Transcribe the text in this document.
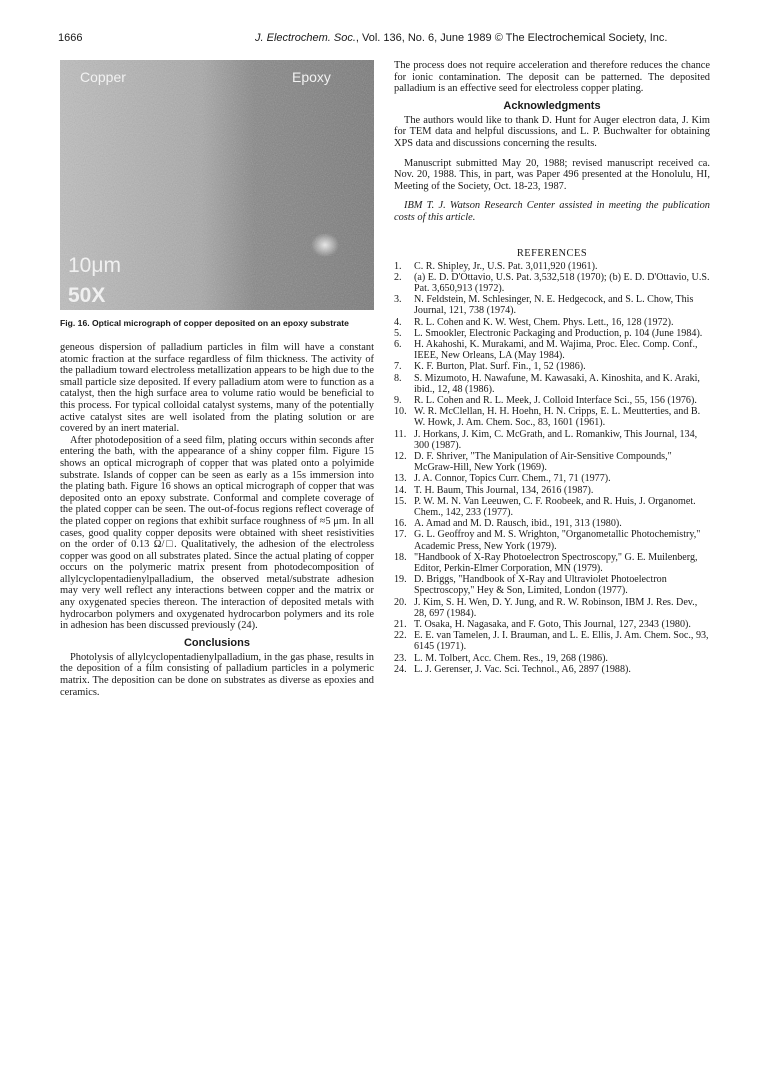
1666	J. Electrochem. Soc., Vol. 136, No. 6, June 1989 © The Electrochemical Society, Inc.
Copper	Epoxy
10μm
50X
Fig. 16. Optical micrograph of copper deposited on an epoxy substrate

geneous dispersion of palladium particles in film will have a constant atomic fraction at the surface regardless of film thickness. The activity of the palladium toward electroless metallization appears to be high due to the small particle size deposited. If every palladium atom were to function as a catalyst, then the high surface area to volume ratio would be beneficial to this process. For typical colloidal catalyst systems, many of the potentially active catalyst sites are well isolated from the plating solution or are covered by an inert material.

After photodeposition of a seed film, plating occurs within seconds after entering the bath, with the appearance of a shiny copper film. Figure 15 shows an optical micrograph of copper that was plated onto a polyimide substrate. Islands of copper can be seen as early as a 15s immersion into the plating bath. Figure 16 shows an optical micrograph of copper that was deposited onto an epoxy substrate. Conformal and complete coverage of the plated copper can be seen. The out-of-focus regions reflect coverage of the plated copper on regions that exhibit surface roughness of ≈5 μm. In all cases, good quality copper deposits were obtained with sheet resistivities on the order of 0.13 Ω/□. Qualitatively, the adhesion of the electroless copper was good on all substrates plated. Since the actual plating of copper occurs on the polymeric matrix present from photodecomposition of allylcyclopentadienylpalladium, the observed metal/substrate adhesion may very well reflect any interactions between copper and the matrix or any oxygenated species thereon. The interaction of deposited metals with hydrocarbon polymers and oxygenated hydrocarbon polymers and its role in adhesion has been discussed previously (24).

Conclusions

Photolysis of allylcyclopentadienylpalladium, in the gas phase, results in the deposition of a film consisting of palladium particles in a polymeric matrix. The deposition can be done on substrates as diverse as epoxies and ceramics.

The process does not require acceleration and therefore reduces the chance for ionic contamination. The deposit can be patterned. The deposited palladium is an effective seed for electroless copper plating.

Acknowledgments

The authors would like to thank D. Hunt for Auger electron data, J. Kim for TEM data and helpful discussions, and L. P. Buchwalter for obtaining XPS data and discussions concerning the results.

Manuscript submitted May 20, 1988; revised manuscript received ca. Nov. 20, 1988. This, in part, was Paper 496 presented at the Honolulu, HI, Meeting of the Society, Oct. 18-23, 1987.

IBM T. J. Watson Research Center assisted in meeting the publication costs of this article.

REFERENCES
1. C. R. Shipley, Jr., U.S. Pat. 3,011,920 (1961).
2. (a) E. D. D'Ottavio, U.S. Pat. 3,532,518 (1970); (b) E. D. D'Ottavio, U.S. Pat. 3,650,913 (1972).
3. N. Feldstein, M. Schlesinger, N. E. Hedgecock, and S. L. Chow, This Journal, 121, 738 (1974).
4. R. L. Cohen and K. W. West, Chem. Phys. Lett., 16, 128 (1972).
5. L. Smookler, Electronic Packaging and Production, p. 104 (June 1984).
6. H. Akahoshi, K. Murakami, and M. Wajima, Proc. Elec. Comp. Conf., IEEE, New Orleans, LA (May 1984).
7. K. F. Burton, Plat. Surf. Fin., 1, 52 (1986).
8. S. Mizumoto, H. Nawafune, M. Kawasaki, A. Kinoshita, and K. Araki, ibid., 12, 48 (1986).
9. R. L. Cohen and R. L. Meek, J. Colloid Interface Sci., 55, 156 (1976).
10. W. R. McClellan, H. H. Hoehn, H. N. Cripps, E. L. Meutterties, and B. W. Howk, J. Am. Chem. Soc., 83, 1601 (1961).
11. J. Horkans, J. Kim, C. McGrath, and L. Romankiw, This Journal, 134, 300 (1987).
12. D. F. Shriver, "The Manipulation of Air-Sensitive Compounds," McGraw-Hill, New York (1969).
13. J. A. Connor, Topics Curr. Chem., 71, 71 (1977).
14. T. H. Baum, This Journal, 134, 2616 (1987).
15. P. W. M. N. Van Leeuwen, C. F. Roobeek, and R. Huis, J. Organomet. Chem., 142, 233 (1977).
16. A. Amad and M. D. Rausch, ibid., 191, 313 (1980).
17. G. L. Geoffroy and M. S. Wrighton, "Organometallic Photochemistry," Academic Press, New York (1979).
18. "Handbook of X-Ray Photoelectron Spectroscopy," G. E. Muilenberg, Editor, Perkin-Elmer Corporation, MN (1979).
19. D. Briggs, "Handbook of X-Ray and Ultraviolet Photoelectron Spectroscopy," Hey & Son, Limited, London (1977).
20. J. Kim, S. H. Wen, D. Y. Jung, and R. W. Robinson, IBM J. Res. Dev., 28, 697 (1984).
21. T. Osaka, H. Nagasaka, and F. Goto, This Journal, 127, 2343 (1980).
22. E. E. van Tamelen, J. I. Brauman, and L. E. Ellis, J. Am. Chem. Soc., 93, 6145 (1971).
23. L. M. Tolbert, Acc. Chem. Res., 19, 268 (1986).
24. L. J. Gerenser, J. Vac. Sci. Technol., A6, 2897 (1988).
